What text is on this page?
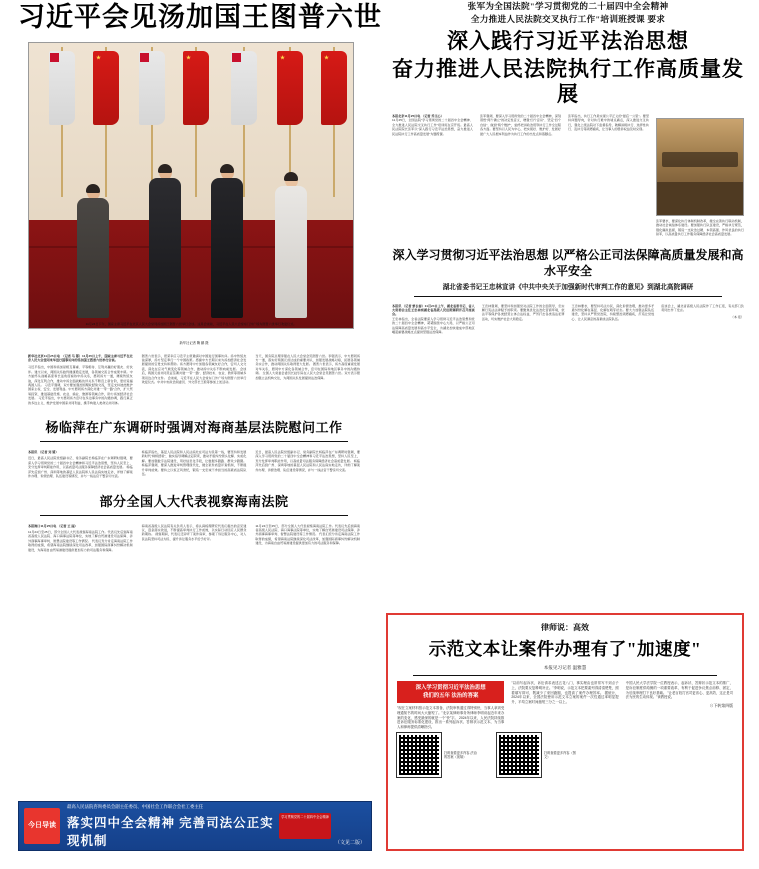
习近平会见汤加国王图普六世
11月24日下午，国家主席习近平在北京人民大会堂同汤加国王图普六世举行会谈。这是会谈前，习近平在人民大会堂东门外广场为图普六世举行欢迎仪式。
新华社记者 鞠 鹏 摄
新华社北京11月25日电　（记者 马 骞）11月25日上午，国家主席习近平在北京人民大会堂同来华进行国事访问的汤加国王图普六世举行会谈。
习近平指出，中国和汤加是相互尊重、平等相待、互利共赢的好朋友、好伙伴。建交以来，两国关系始终健康稳定发展，各领域交流合作成果丰硕。中方始终从战略高度和长远角度看待中汤关系，愿同汤方一道，赓续传统友谊，深化互利合作，推动中汤全面战略伙伴关系不断迈上新台阶，更好造福两国人民。 习近平强调，双方要加强治国理政经验交流，坚定支持彼此维护国家主权、安全、发展利益。中方愿同汤方深化共建“一带一路”合作，扩大贸易投资，推进基础设施、农业、渔业、旅游等领域合作，助力汤加经济社会发展。 习近平指出，中方愿同汤方密切在多边事务中的沟通协调，践行真正的多边主义，维护发展中国家共同利益，携手构建人类命运共同体。
图普六世表示，很荣幸应习近平主席邀请对中国进行国事访问。汤中传统友谊深厚，汤方坚定奉行一个中国政策。感谢中方长期以来为汤加经济社会发展提供的宝贵支持和帮助。汤方愿同中方加强各领域友好合作，密切人文交流，深化在应对气候变化等领域合作，推动汤中关系不断向前发展。 会谈后，两国元首共同见证签署共建“一带一路”、经济技术、农业、教育等领域多项双边合作文件。 会谈前，习近平在人民大会堂东门外广场为图普六世举行欢迎仪式。中共中央政治局委员、外交部长王毅等参加上述活动。
当天，国务院总理李强在人民大会堂会见图普六世。李强表示，中方愿同汤方一道，落实好两国元首达成的重要共识，加强发展战略对接，拓展各领域务实合作，推动两国关系取得更大发展。 图普六世表示，汤方高度重视发展对华关系，愿同中方深化各领域合作，密切在国际和地区事务中的沟通协调。 全国人大常委会委员长赵乐际在人民大会堂会见图普六世。双方表示愿加强立法机构交往，为两国关系发展提供法治保障。
杨临萍在广东调研时强调对海商基层法院慰问工作
本报讯 （记者 刘 婧）
近日，最高人民法院党组副书记、常务副院长杨临萍在广东调研时强调，要深入学习贯彻党的二十届四中全会精神和习近平法治思想，坚持人民至上，充分发挥审判职能作用，以高质量司法服务保障经济社会高质量发展。 杨临萍先后到广州、深圳等地的基层人民法院和人民法庭实地走访，详细了解案件办理、诉源治理、队伍建设等情况，并与一线法官干警亲切交流。
杨临萍指出，基层人民法院和人民法庭处在司法为民第一线，要坚持和发展新时代“枫桥经验”，做实指导调解法定职责，推动矛盾纠纷源头化解、实质化解。要加强数字法院建设，用好信息化手段，让数据多跑路、群众少跑腿。 杨临萍强调，要深入推进审判管理现代化，健全案件质量评查机制，不断提升审判质效。要持之以恒正风肃纪，锻造一支忠诚干净担当的高素质法院队伍。
近日，最高人民法院党组副书记、常务副院长杨临萍在广东调研时强调，要深入学习贯彻党的二十届四中全会精神和习近平法治思想，坚持人民至上，充分发挥审判职能作用，以高质量司法服务保障经济社会高质量发展。 杨临萍先后到广州、深圳等地的基层人民法院和人民法庭实地走访，详细了解案件办理、诉源治理、队伍建设等情况，并与一线法官干警亲切交流。
部分全国人大代表视察海南法院
本报海口11月25日电 （记者 王 丽）
11月24日至25日，部分全国人大代表视察海南法院工作。代表们先后到海南省高级人民法院、海口海事法院等单位，实地了解自贸港建设司法保障、涉外商事海事审判、智慧法院建设等工作情况。 代表们充分肯定海南法院工作取得的成绩，希望海南法院继续深化司法改革，加强国际商事纠纷解决机制建设，为海南自由贸易港建设提供更加有力的司法服务和保障。
海南省高级人民法院有关负责人表示，将认真梳理研究代表们提出的意见建议，逐条落实改进，不断提高审判执行工作质效，以实际行动回应人民群众新期待。 视察期间，代表们还旁听了案件庭审，参观了诉讼服务中心，对人民法院坚持司法为民、提升诉讼服务水平给予好评。
11月24日至25日，部分全国人大代表视察海南法院工作。代表们先后到海南省高级人民法院、海口海事法院等单位，实地了解自贸港建设司法保障、涉外商事海事审判、智慧法院建设等工作情况。 代表们充分肯定海南法院工作取得的成绩，希望海南法院继续深化司法改革，加强国际商事纠纷解决机制建设，为海南自由贸易港建设提供更加有力的司法服务和保障。
今日导读
最高人民法院咨询委员会副主任委员、中国社会工作联合会社工委主任
落实四中全会精神 完善司法公正实现机制
学习贯彻党的二十届四中全会精神
（文见二版）
张军为全国法院"学习贯彻党的二十届四中全会精神
全力推进人民法院交叉执行工作"培训班授课 要求
深入践行习近平法治思想
奋力推进人民法院执行工作高质量发展
本报北京11月25日电 （记者 乔文心）
11月25日，全国法院"学习贯彻党的二十届四中全会精神、全力推进人民法院交叉执行工作"培训班在京开班。最高人民法院院长张军以"深入践行习近平法治思想，奋力推进人民法院执行工作高质量发展"为题授课。
张军强调，要深入学习贯彻党的二十届四中全会精神，深刻领悟"两个确立"的决定性意义，增强"四个意识"、坚定"四个自信"、做到"两个维护"，始终把讲政治贯穿执行工作全过程各方面。要坚持以人民为中心，把实现好、维护好、发展好最广大人民根本利益作为执行工作的出发点和落脚点。
张军指出，执行工作是实现公平正义的"最后一公里"。要坚持问题导向，针对执行难中的堵点痛点，深入推进交叉执行，强化上级法院对下监督指导，破解消极执行、选择性执行、乱执行等顽瘴痼疾，让当事人的胜诉权益及时兑现。
张军要求，要深化执行体制机制改革，健全完善执行联动机制，推动社会诚信体系建设。要加强执行队伍建设，严格执行规范，强化廉政监督，锻造一支政治过硬、本领高强、作风优良的执行铁军，以高质量执行工作服务保障经济社会高质量发展。
深入学习贯彻习近平法治思想 以严格公正司法保障高质量发展和高水平安全
湖北省委书记王忠林宣讲《中共中央关于加强新时代审判工作的意见》到湖北高院调研
本报讯 （记者 蔡长春）11月24日上午，湖北省委书记、省人大常委会主任王忠林到湖北省高级人民法院调研并召开座谈会。
王忠林指出，全省法院要深入学习贯彻习近平法治思想和党的二十届四中全会精神，紧紧围绕中心大局，以严格公正司法保障高质量发展和高水平安全，为湖北加快建成中部地区崛起重要战略支点提供坚强法治保障。
王忠林强调，要坚持和加强党对法院工作的全面领导，忠实履行宪法法律赋予的职责。要聚焦优化法治化营商环境，依法平等保护各类经营主体合法权益，严厉打击各类违法犯罪活动，切实维护社会大局稳定。
王忠林要求，要坚持司法为民，深化诉源治理，推动更多矛盾纠纷化解在基层、化解在萌芽状态。要大力加强法院队伍建设，坚持从严管党治院，持续整治顽瘴痼疾，打造让党放心、让人民满意的高素质法院队伍。
座谈会上，湖北省高级人民法院作了工作汇报，有关部门负责同志作了发言。
（本 报）
律师说：高效
示范文本让案件办理有了"加速度"
本报见习记者 温雅慧
深入学习贯彻习近平法治思想
我们的五年 法治的答案
"现在立案材料按示范文本准备，法院审核通过得特别快，当事人拿到受理通知书的时间大大缩短了。"北京某律师事务所律师李明谈起近年来办案的变化，感受最深的就是一个"快"字。 2024年以来，人民法院持续推进诉讼服务标准化建设，推出一系列起诉状、答辩状示范文本，为当事人和律师提供清晰指引。
"以前写起诉状，诉讼请求表述五花八门，事实理由也常常写不到点子上，法院要反复释明补正。"李明说，示范文本把要素列得清清楚楚，照着填写即可，既减少了来回跑腿，也提高了案件办理效率。 据统计，2024年以来，全国法院使用示范文本立案的案件一次性通过率明显提升，平均立案时间缩短三分之一以上。
中国人民大学法学院一位教授表示，起诉状、答辩状示范文本的推广，是诉讼制度供给侧的一项重要改革，有利于促进争议焦点前移、固定，为后续审理打下良好基础。 "让老百姓打官司更省心、更高效，这正是司法为民的生动体现。"该教授说。
⊙下转第四版
扫码查看更多内容 法治的答案（视频）
扫码查看更多内容（图文）
